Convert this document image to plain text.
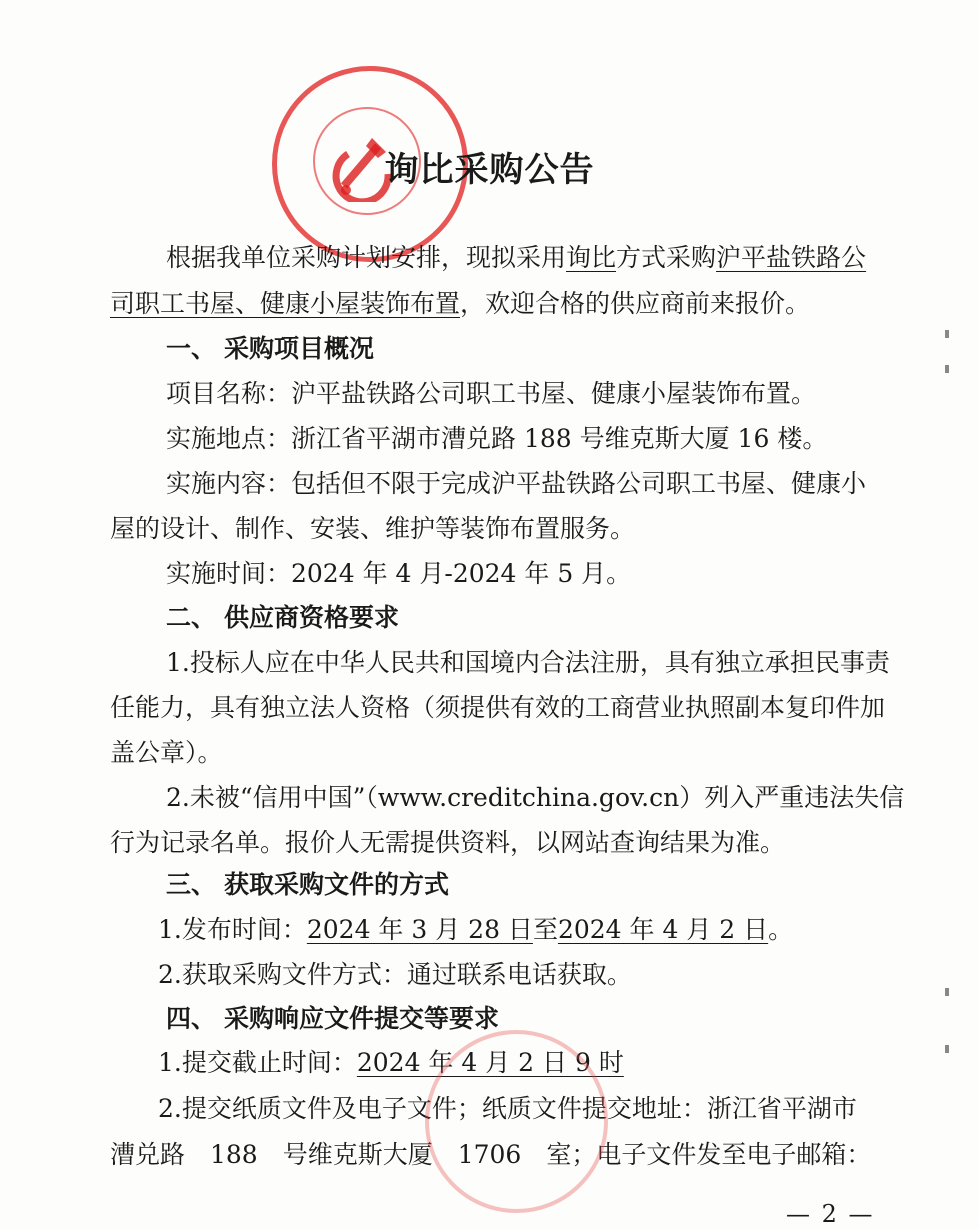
询比采购公告
根据我单位采购计划安排，现拟采用询比方式采购沪平盐铁路公
司职工书屋、健康小屋装饰布置，欢迎合格的供应商前来报价。
一、 采购项目概况
项目名称：沪平盐铁路公司职工书屋、健康小屋装饰布置。
实施地点：浙江省平湖市漕兑路 188 号维克斯大厦 16 楼。
实施内容：包括但不限于完成沪平盐铁路公司职工书屋、健康小
屋的设计、制作、安装、维护等装饰布置服务。
实施时间：2024 年 4 月-2024 年 5 月。
二、 供应商资格要求
1.投标人应在中华人民共和国境内合法注册，具有独立承担民事责
任能力，具有独立法人资格（须提供有效的工商营业执照副本复印件加
盖公章）。
2.未被“信用中国”（www.creditchina.gov.cn）列入严重违法失信
行为记录名单。报价人无需提供资料，以网站查询结果为准。
三、 获取采购文件的方式
1.发布时间：2024 年 3 月 28 日至2024 年 4 月 2 日。
2.获取采购文件方式：通过联系电话获取。
四、 采购响应文件提交等要求
1.提交截止时间：2024 年 4 月 2 日 9 时
2.提交纸质文件及电子文件；纸质文件提交地址：浙江省平湖市
漕兑路　188　号维克斯大厦　1706　室；电子文件发至电子邮箱：
— 2 —
